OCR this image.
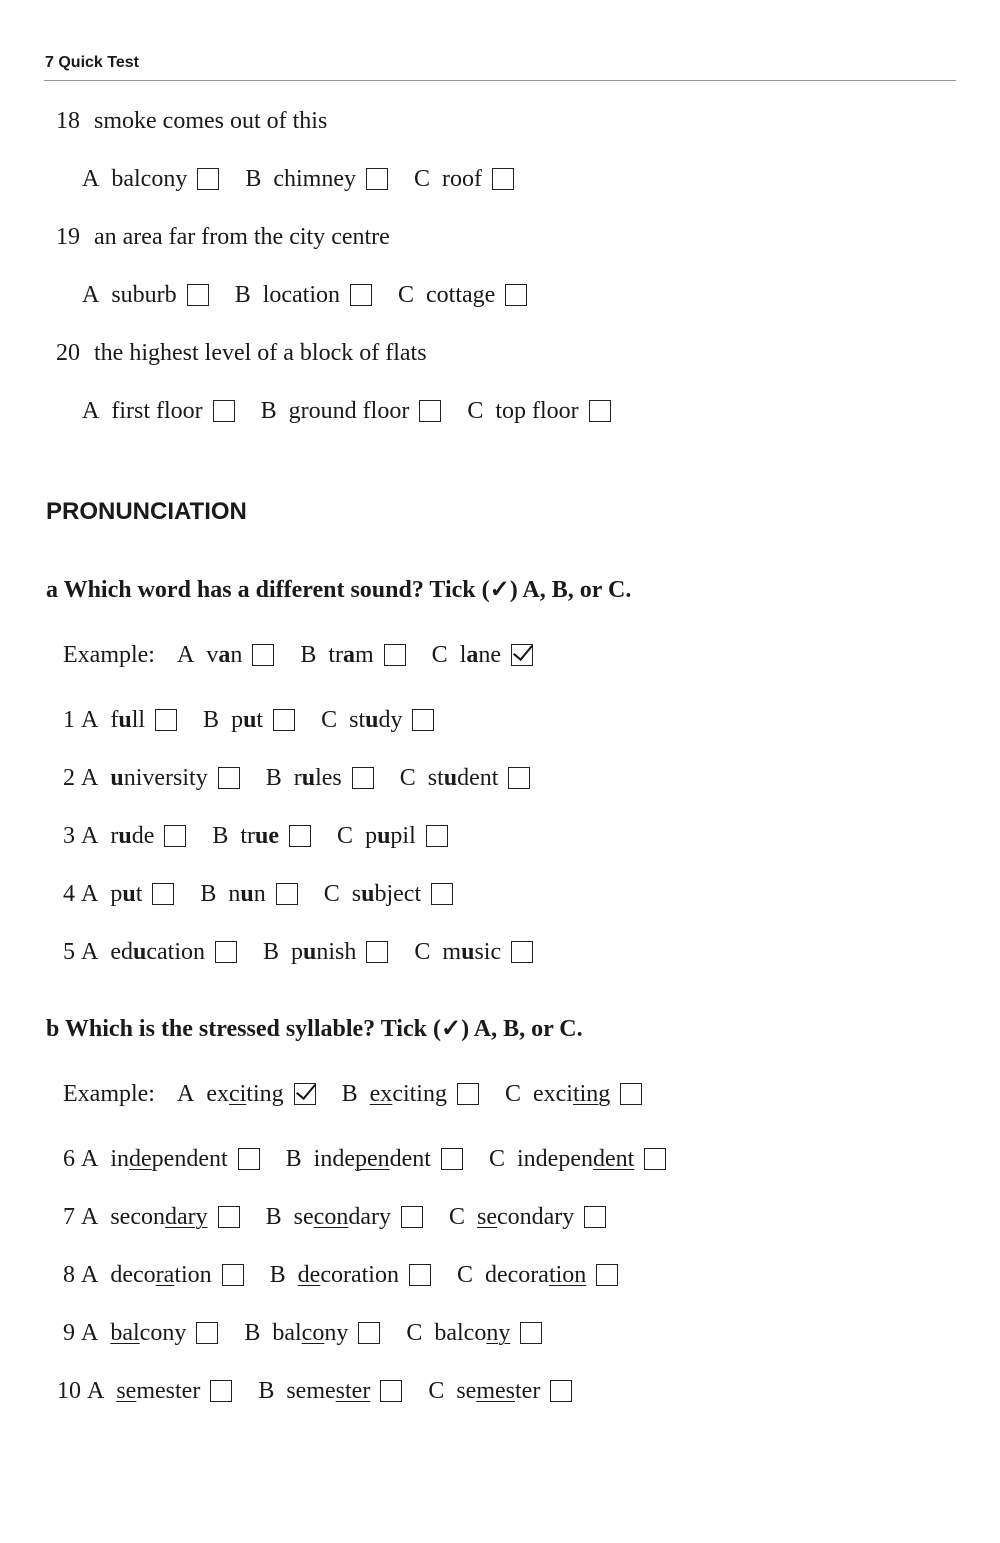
7 Quick Test
18 smoke comes out of this
A
balcony B
chimney C
roof
19 an area far from the city centre
A
suburb B
location C
cottage
20 the highest level of a block of flats
A
first floor B
ground floor C
top floor
PRONUNCIATION
a Which word has a different sound? Tick (✓) A, B, or C.
Example: A
van B
tram C
lane
1
A
full B
put C
study
2
A
university B
rules C
student
3
A
rude B
true C
pupil
4
A
put B
nun C
subject
5
A
education B
punish C
music
b Which is the stressed syllable? Tick (✓) A, B, or C.
Example: A
exciting B
exciting C
exciting
6
A
independent B
independent C
independent
7
A
secondary B
secondary C
secondary
8
A
decoration B
decoration C
decoration
9
A
balcony B
balcony C
balcony
10
A
semester B
semester C
semester
